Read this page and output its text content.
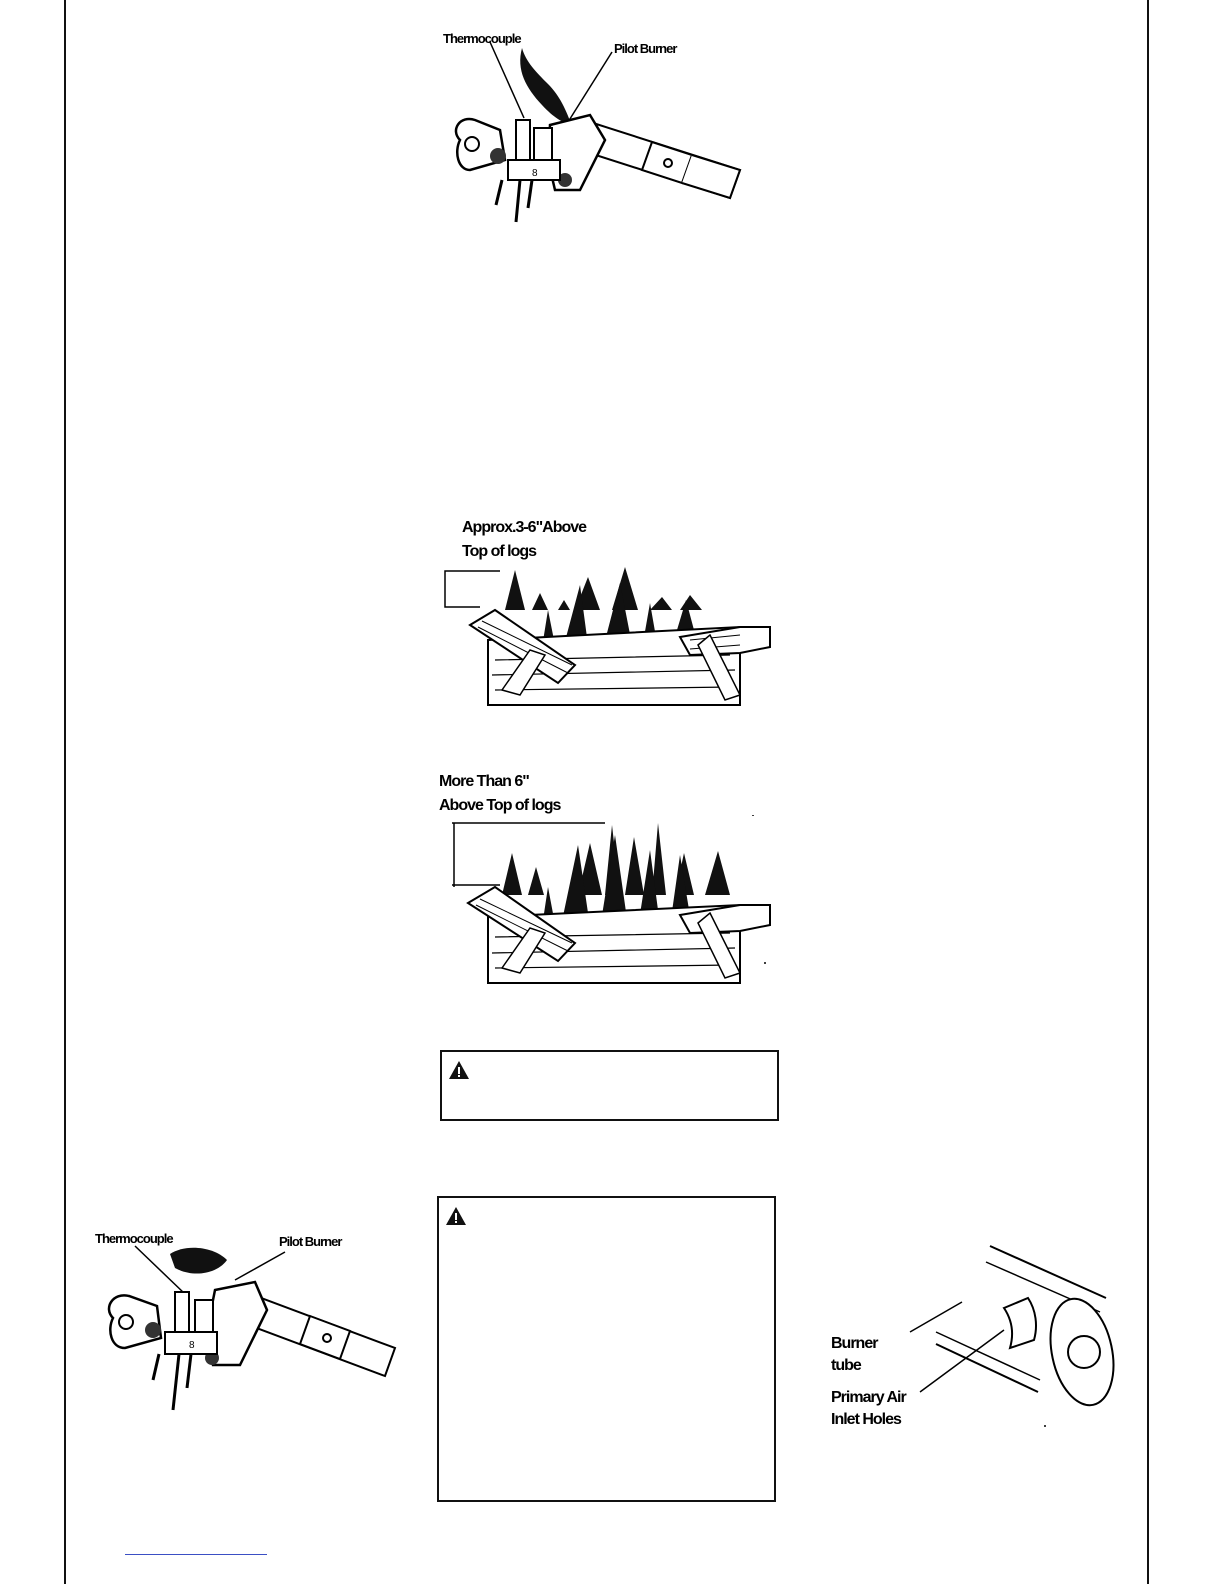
8
Thermocouple
Pilot Burner
Approx.3-6"Above
Top of logs
More Than 6"
Above Top of logs
8
Thermocouple	Pilot Burner
Burner
tube
Primary Air
Inlet Holes
